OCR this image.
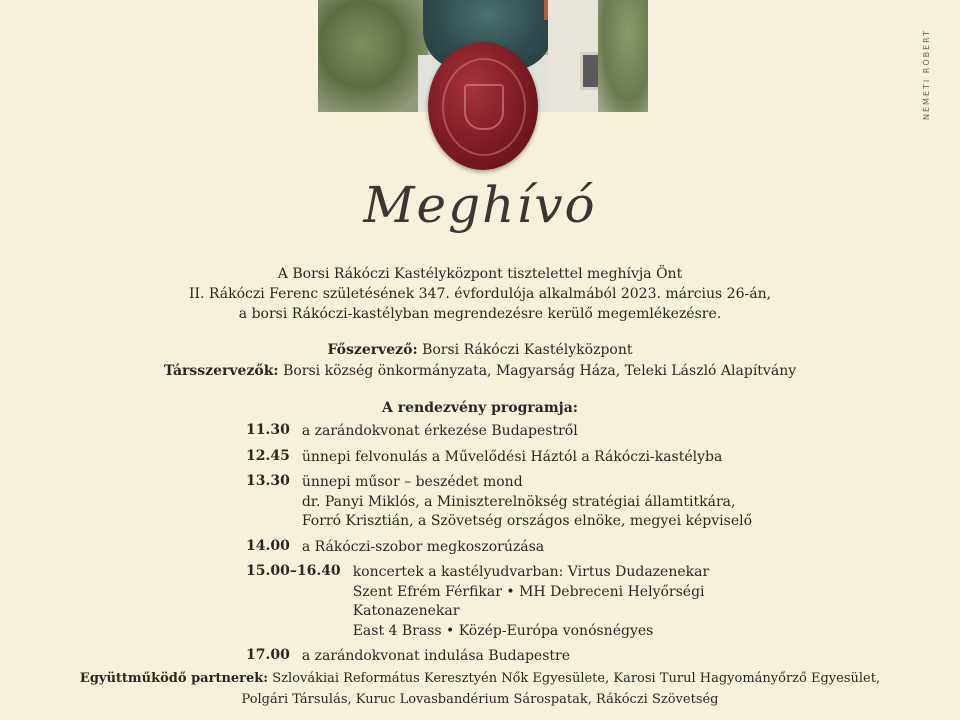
NÉMETI RÓBERT
Meghívó

A Borsi Rákóczi Kastélyközpont tisztelettel meghívja Önt

II. Rákóczi Ferenc születésének 347. évfordulója alkalmából 2023. március 26-án,

a borsi Rákóczi-kastélyban megrendezésre kerülő megemlékezésre.

Főszervező: Borsi Rákóczi Kastélyközpont

Társszervezők: Borsi község önkormányzata, Magyarság Háza, Teleki László Alapítvány

A rendezvény programja:
11.30 a zarándokvonat érkezése Budapestről
12.45 ünnepi felvonulás a Művelődési Háztól a Rákóczi-kastélyba
13.30 ünnepi műsor – beszédet mond
dr. Panyi Miklós, a Miniszterelnökség stratégiai államtitkára,
Forró Krisztián, a Szövetség országos elnöke, megyei képviselő
14.00 a Rákóczi-szobor megkoszorúzása
15.00–16.40 koncertek a kastélyudvarban: Virtus Dudazenekar
Szent Efrém Férfikar • MH Debreceni Helyőrségi Katonazenekar
East 4 Brass • Közép-Európa vonósnégyes
17.00 a zarándokvonat indulása Budapestre

Együttműködő partnerek: Szlovákiai Református Keresztyén Nők Egyesülete, Karosi Turul Hagyományőrző Egyesület,

Polgári Társulás, Kuruc Lovasbandérium Sárospatak, Rákóczi Szövetség
